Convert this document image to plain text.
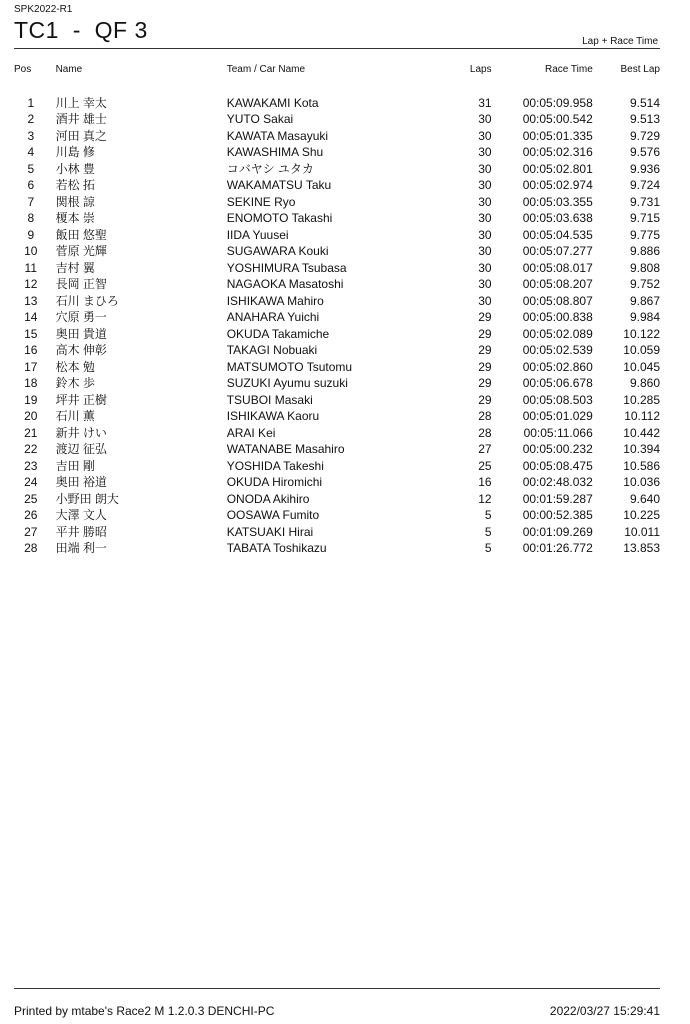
SPK2022-R1
TC1  -  QF 3	Lap + Race Time
Pos	Name	Team / Car Name	Laps	Race Time	Best Lap

1	川上 幸太	KAWAKAMI Kota	31	00:05:09.958	9.514
2	酒井 雄士	YUTO Sakai	30	00:05:00.542	9.513
3	河田 真之	KAWATA Masayuki	30	00:05:01.335	9.729
4	川島 修	KAWASHIMA Shu	30	00:05:02.316	9.576
5	小林 豊	コバヤシ ユタカ	30	00:05:02.801	9.936
6	若松 拓	WAKAMATSU Taku	30	00:05:02.974	9.724
7	関根 諒	SEKINE Ryo	30	00:05:03.355	9.731
8	榎本 崇	ENOMOTO Takashi	30	00:05:03.638	9.715
9	飯田 悠聖	IIDA Yuusei	30	00:05:04.535	9.775
10	菅原 光輝	SUGAWARA Kouki	30	00:05:07.277	9.886
11	吉村 翼	YOSHIMURA Tsubasa	30	00:05:08.017	9.808
12	長岡 正智	NAGAOKA Masatoshi	30	00:05:08.207	9.752
13	石川 まひろ	ISHIKAWA Mahiro	30	00:05:08.807	9.867
14	穴原 勇一	ANAHARA Yuichi	29	00:05:00.838	9.984
15	奥田 貴道	OKUDA Takamiche	29	00:05:02.089	10.122
16	高木 伸彰	TAKAGI Nobuaki	29	00:05:02.539	10.059
17	松本 勉	MATSUMOTO Tsutomu	29	00:05:02.860	10.045
18	鈴木 歩	SUZUKI Ayumu suzuki	29	00:05:06.678	9.860
19	坪井 正樹	TSUBOI Masaki	29	00:05:08.503	10.285
20	石川 薫	ISHIKAWA Kaoru	28	00:05:01.029	10.112
21	新井 けい	ARAI Kei	28	00:05:11.066	10.442
22	渡辺 征弘	WATANABE Masahiro	27	00:05:00.232	10.394
23	吉田 剛	YOSHIDA Takeshi	25	00:05:08.475	10.586
24	奥田 裕道	OKUDA Hiromichi	16	00:02:48.032	10.036
25	小野田 朗大	ONODA Akihiro	12	00:01:59.287	9.640
26	大澤 文人	OOSAWA Fumito	5	00:00:52.385	10.225
27	平井 勝昭	KATSUAKI Hirai	5	00:01:09.269	10.011
28	田端 利一	TABATA Toshikazu	5	00:01:26.772	13.853
Printed by mtabe's Race2 M 1.2.0.3 DENCHI-PC	2022/03/27 15:29:41
